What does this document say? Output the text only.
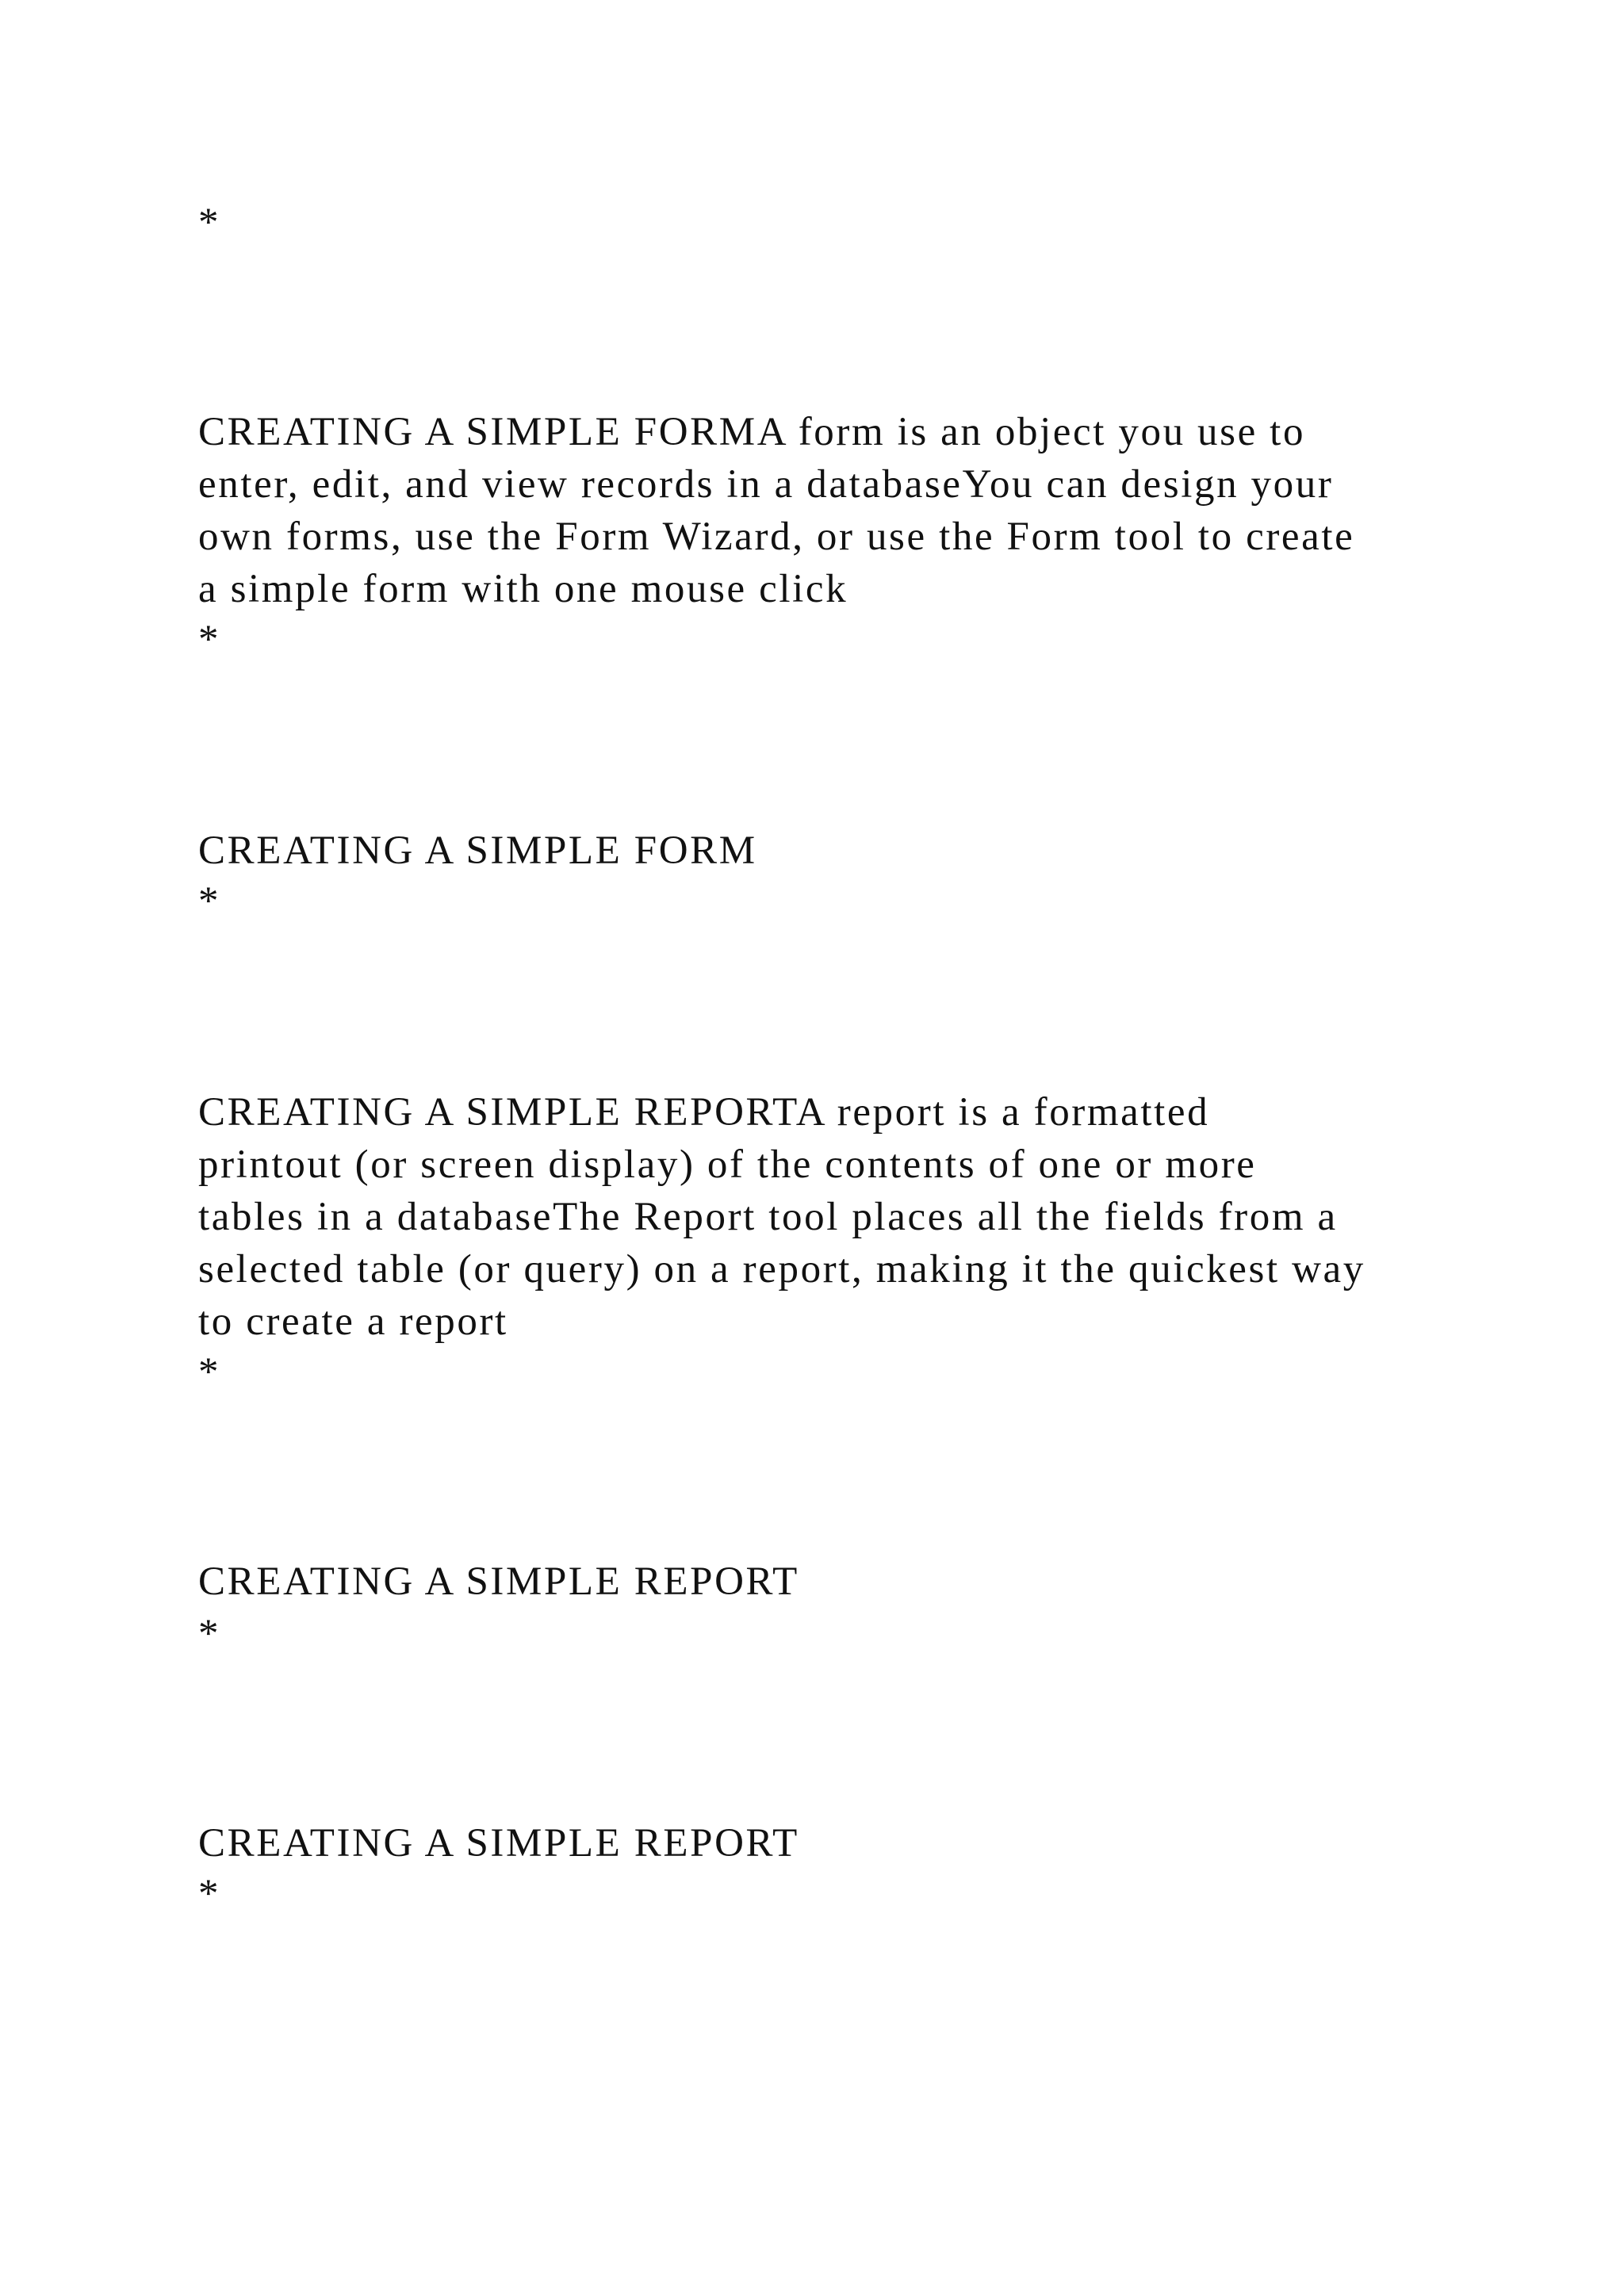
*

CREATING A SIMPLE FORMA form is an object you use to

enter, edit, and view records in a databaseYou can design your

own forms, use the Form Wizard, or use the Form tool to create

a simple form with one mouse click

*

CREATING A SIMPLE FORM

*

CREATING A SIMPLE REPORTA report is a formatted

printout (or screen display) of the contents of one or more

tables in a databaseThe Report tool places all the fields from a

selected table (or query) on a report, making it the quickest way

to create a report

*

CREATING A SIMPLE REPORT

*

CREATING A SIMPLE REPORT

*
